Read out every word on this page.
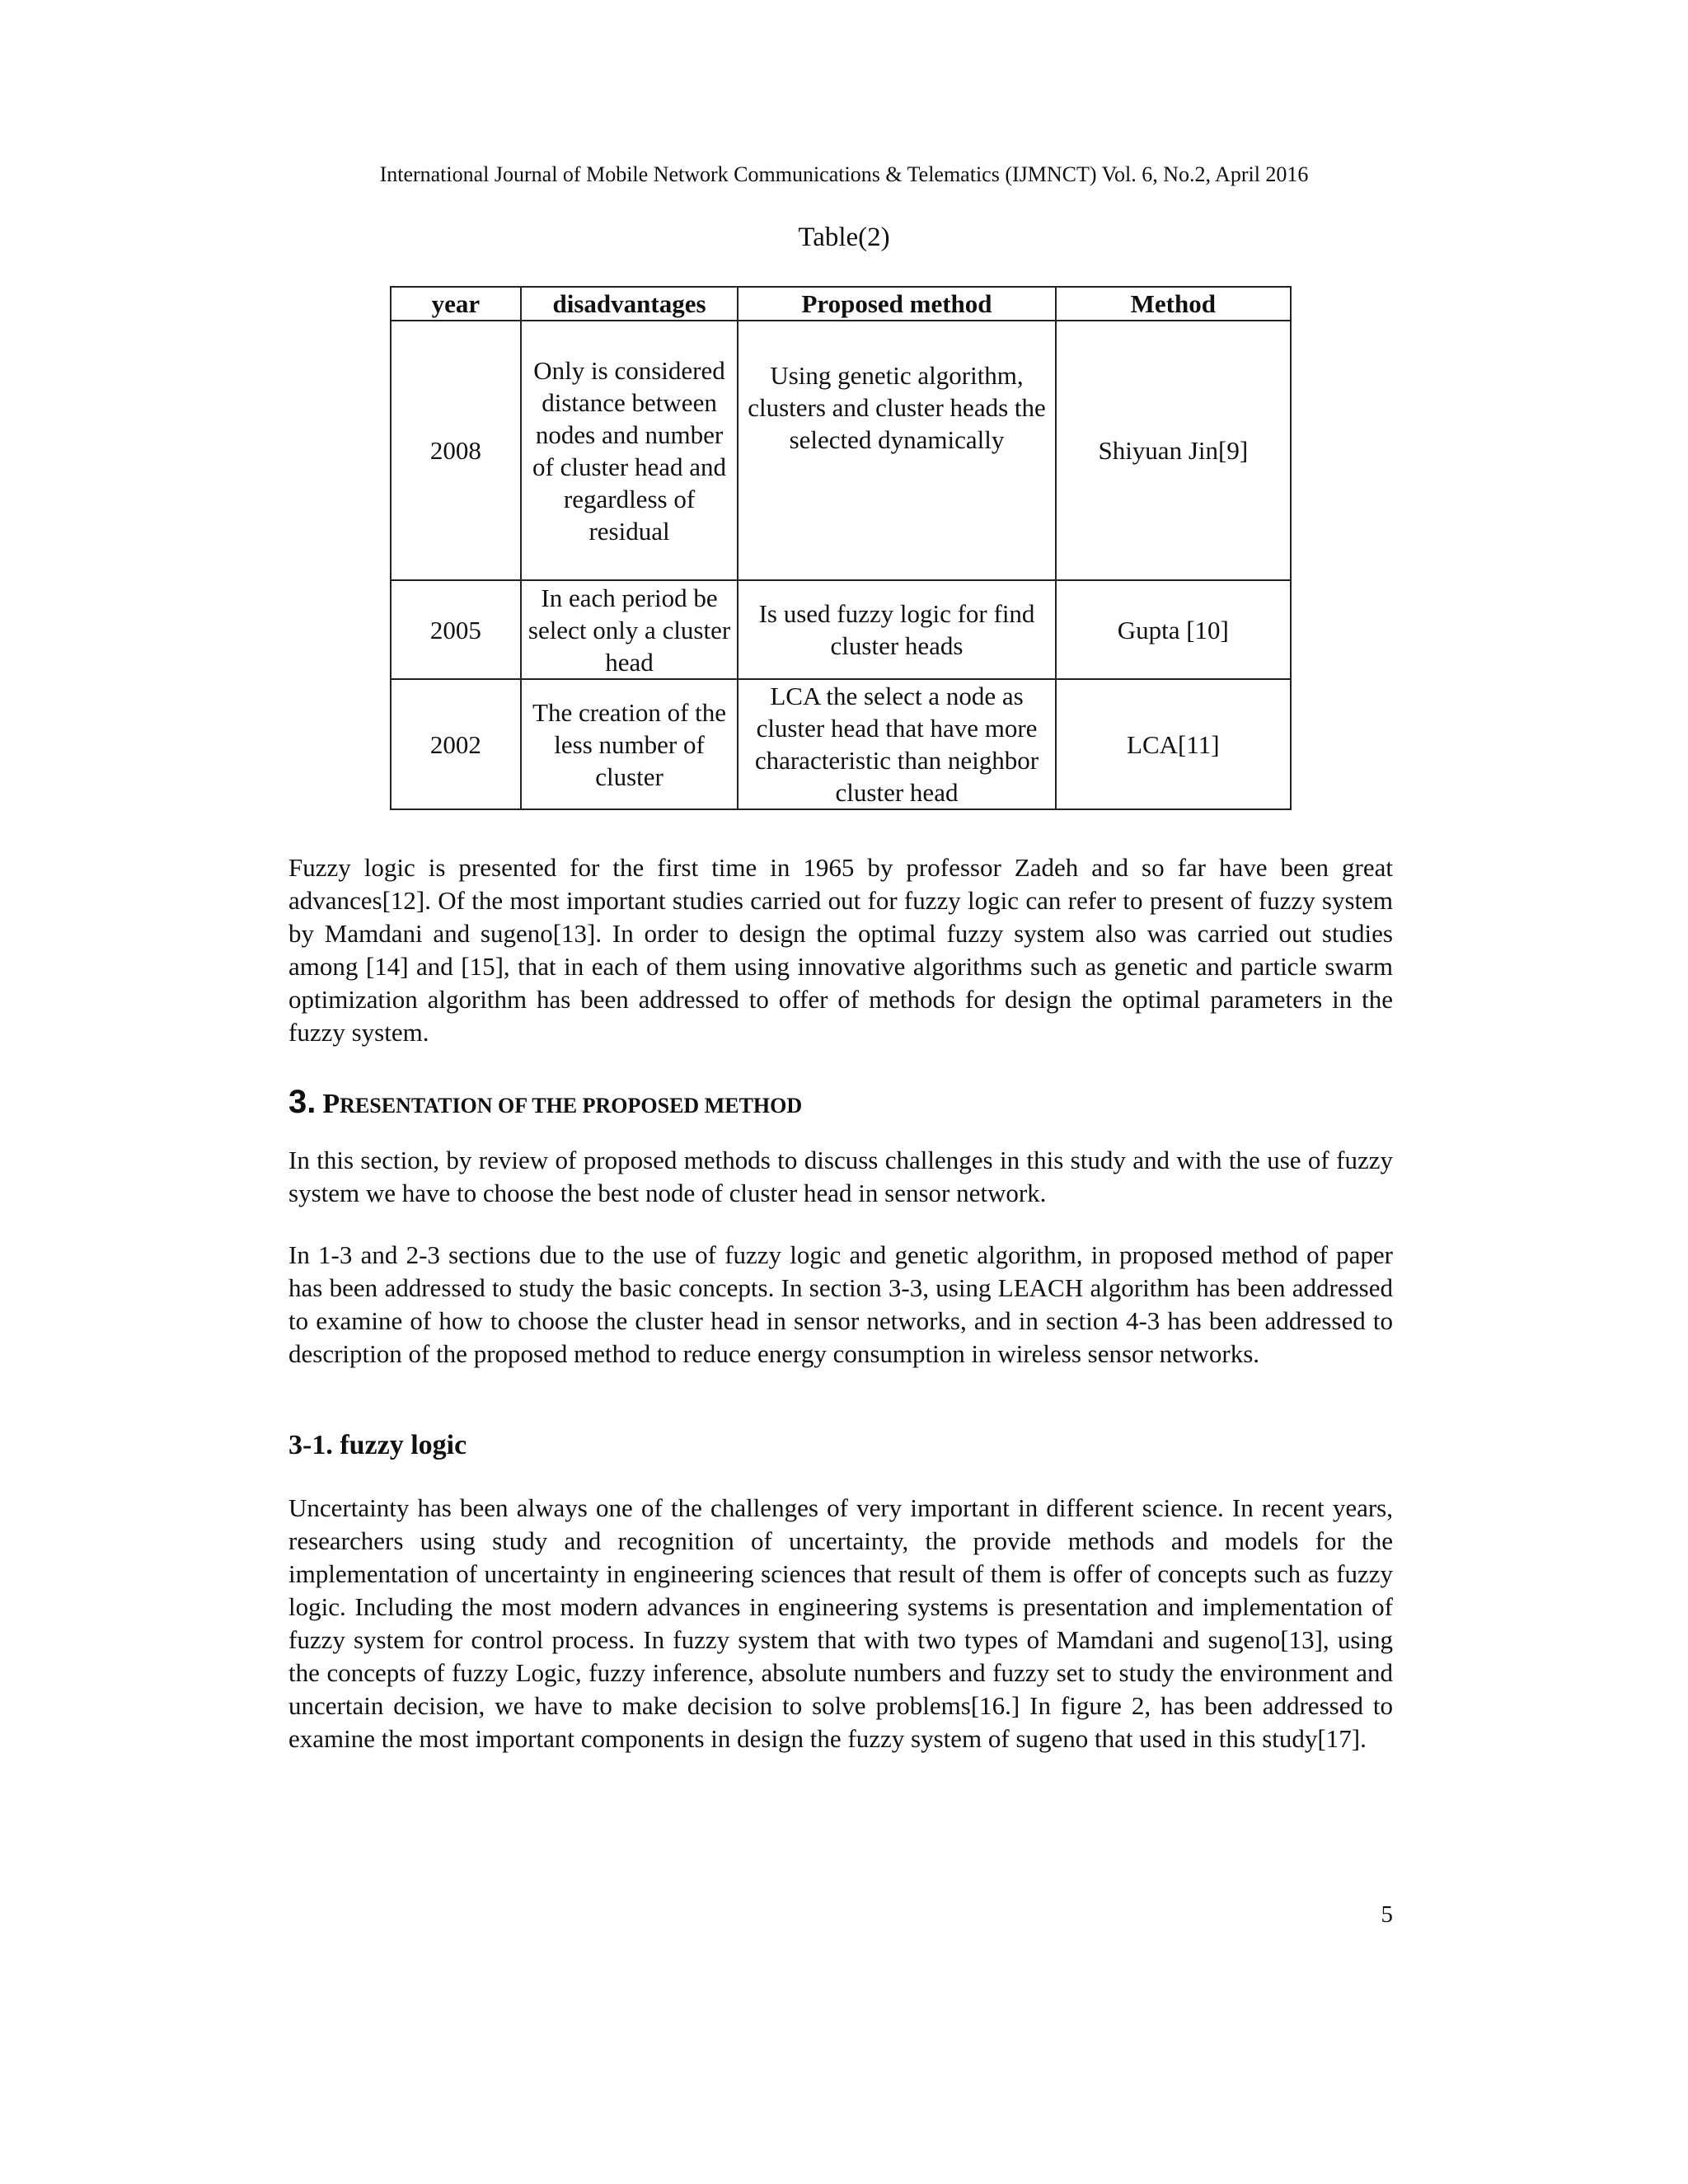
International Journal of Mobile Network Communications & Telematics (IJMNCT) Vol. 6, No.2, April 2016
Table(2)
year	disadvantages	Proposed method	Method
2008	Only is considered distance between nodes and number of cluster head and regardless of residual	Using genetic algorithm, clusters and cluster heads the selected dynamically	Shiyuan Jin[9]
2005	In each period be select only a cluster head	Is used fuzzy logic for find cluster heads	Gupta [10]
2002	The creation of the less number of cluster	LCA the select a node as cluster head that have more characteristic than neighbor cluster head	LCA[11]

Fuzzy logic is presented for the first time in 1965 by professor Zadeh and so far have been great advances[12]. Of the most important studies carried out for fuzzy logic can refer to present of fuzzy system by Mamdani and sugeno[13]. In order to design the optimal fuzzy system also was carried out studies among [14] and [15], that in each of them using innovative algorithms such as genetic and particle swarm optimization algorithm has been addressed to offer of methods for design the optimal parameters in the fuzzy system.

3. PRESENTATION OF THE PROPOSED METHOD

In this section, by review of proposed methods to discuss challenges in this study and with the use of fuzzy system we have to choose the best node of cluster head in sensor network.

In 1-3 and 2-3 sections due to the use of fuzzy logic and genetic algorithm, in proposed method of paper has been addressed to study the basic concepts. In section 3-3, using LEACH algorithm has been addressed to examine of how to choose the cluster head in sensor networks, and in section 4-3 has been addressed to description of the proposed method to reduce energy consumption in wireless sensor networks.

3-1. fuzzy logic

Uncertainty has been always one of the challenges of very important in different science. In recent years, researchers using study and recognition of uncertainty, the provide methods and models for the implementation of uncertainty in engineering sciences that result of them is offer of concepts such as fuzzy logic. Including the most modern advances in engineering systems is presentation and implementation of fuzzy system for control process. In fuzzy system that with two types of Mamdani and sugeno[13], using the concepts of fuzzy Logic, fuzzy inference, absolute numbers and fuzzy set to study the environment and uncertain decision, we have to make decision to solve problems[16.] In figure 2, has been addressed to examine the most important components in design the fuzzy system of sugeno that used in this study[17].

5
